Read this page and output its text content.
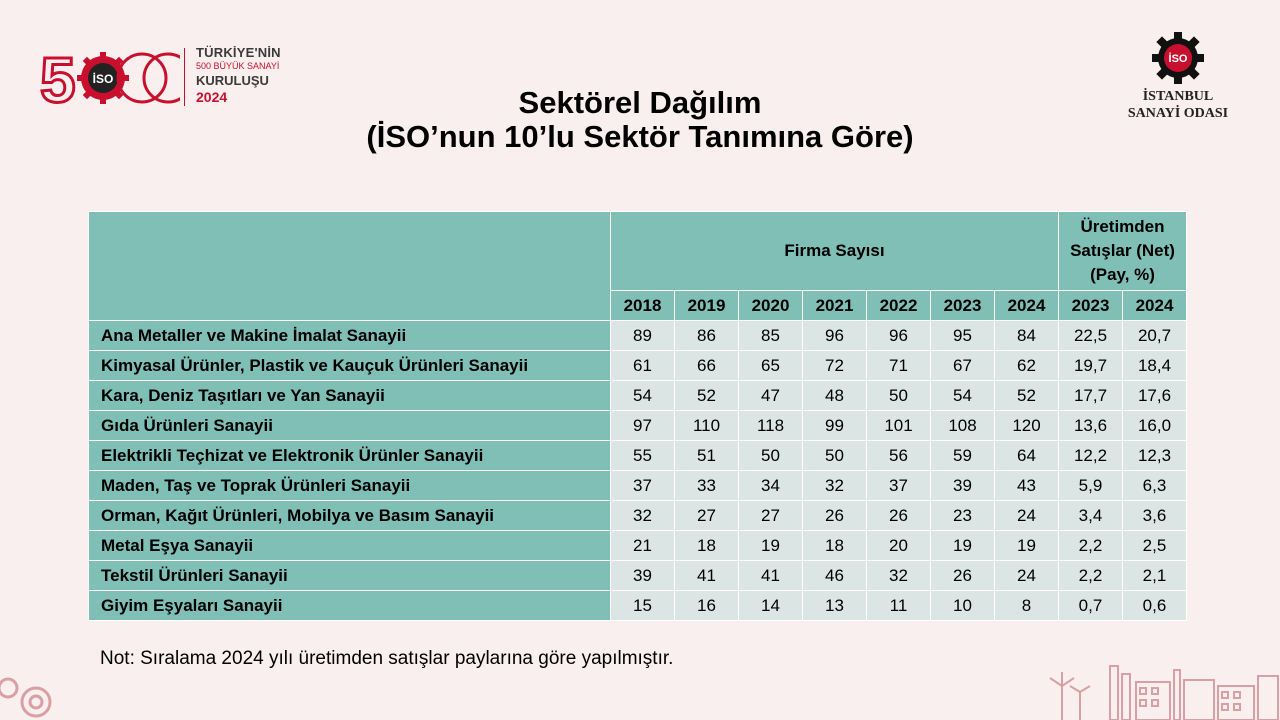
5	İSO
TÜRKİYE'NİN
500 BÜYÜK SANAYİ
KURULUŞU
2024
İSO
İSTANBUL
SANAYİ ODASI
Sektörel Dağılım
(İSO’nun 10’lu Sektör Tanımına Göre)
	Firma Sayısı							Üretimden
Satışlar (Net)
(Pay, %)	

	2018	2019	2020	2021	2022	2023	2024	2023	2024
Ana Metaller ve Makine İmalat Sanayii	89	86	85	96	96	95	84	22,5	20,7
Kimyasal Ürünler, Plastik ve Kauçuk Ürünleri Sanayii	61	66	65	72	71	67	62	19,7	18,4
Kara, Deniz Taşıtları ve Yan Sanayii	54	52	47	48	50	54	52	17,7	17,6
Gıda Ürünleri Sanayii	97	110	118	99	101	108	120	13,6	16,0
Elektrikli Teçhizat ve Elektronik Ürünler Sanayii	55	51	50	50	56	59	64	12,2	12,3
Maden, Taş ve Toprak Ürünleri Sanayii	37	33	34	32	37	39	43	5,9	6,3
Orman, Kağıt Ürünleri, Mobilya ve Basım Sanayii	32	27	27	26	26	23	24	3,4	3,6
Metal Eşya Sanayii	21	18	19	18	20	19	19	2,2	2,5
Tekstil Ürünleri Sanayii	39	41	41	46	32	26	24	2,2	2,1
Giyim Eşyaları Sanayii	15	16	14	13	11	10	8	0,7	0,6
Not: Sıralama 2024 yılı üretimden satışlar paylarına göre yapılmıştır.
